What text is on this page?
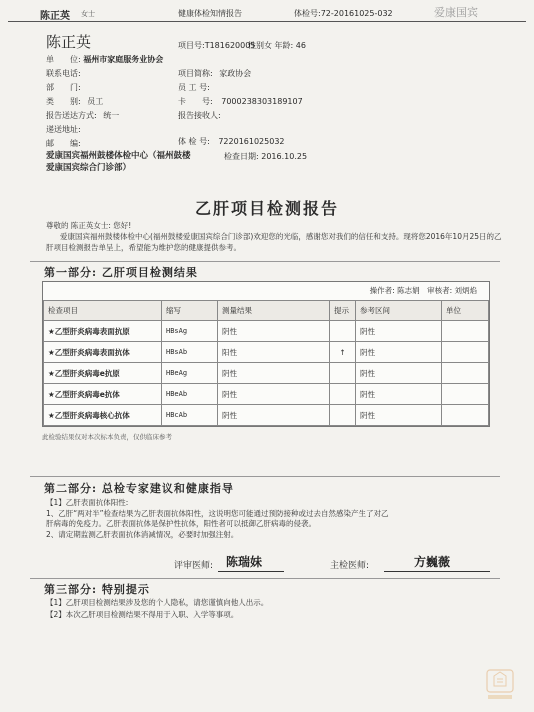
陈正英 女士	健康体检知情报告	体检号:72-20161025-032	爱康国宾
陈正英	项目号:T181620005
性别女 年龄: 46
单　　位: 福州市家庭服务业协会
联系电话:	项目简称: 家政协会
部　　门:	员 工 号:
类　　别: 员工	卡　　号: 7000238303189107
报告送达方式: 统一	报告接收人:
递送地址:
邮　　编:	体 检 号: 7220161025032
爱康国宾福州鼓楼体检中心（福州鼓楼爱康国宾综合门诊部）
检查日期: 2016.10.25
乙肝项目检测报告
尊敬的 陈正英女士: 您好!
爱康国宾福州鼓楼体检中心(福州鼓楼爱康国宾综合门诊部)欢迎您的光临，感谢您对我们的信任和支持。现将您2016年10月25日的乙肝项目检测报告单呈上，希望能为维护您的健康提供参考。
第一部分: 乙肝项目检测结果
操作者: 陈志娟　审核者: 刘炳焰
检查项目	缩写	测量结果	提示	参考区间	单位
★乙型肝炎病毒表面抗原	HBsAg	阴性		阴性	
★乙型肝炎病毒表面抗体	HBsAb	阳性	↑	阴性	
★乙型肝炎病毒e抗原	HBeAg	阴性		阴性	
★乙型肝炎病毒e抗体	HBeAb	阴性		阴性	
★乙型肝炎病毒核心抗体	HBcAb	阴性		阴性	
此检验结果仅对本次标本负责，仅供临床参考
第二部分: 总检专家建议和健康指导
【1】乙肝表面抗体阳性:
1、乙肝“两对半”检查结果为乙肝表面抗体阳性，这说明您可能通过预防接种或过去自然感染产生了对乙
肝病毒的免疫力。乙肝表面抗体是保护性抗体，阳性者可以抵御乙肝病毒的侵袭。
2、请定期监测乙肝表面抗体消减情况，必要时加强注射。
评审医师: 陈瑞妹	主检医师:	方巍薇
第三部分: 特别提示
【1】乙肝项目检测结果涉及您的个人隐私，请您谨慎向他人出示。
【2】本次乙肝项目检测结果不得用于入职、入学等事项。
